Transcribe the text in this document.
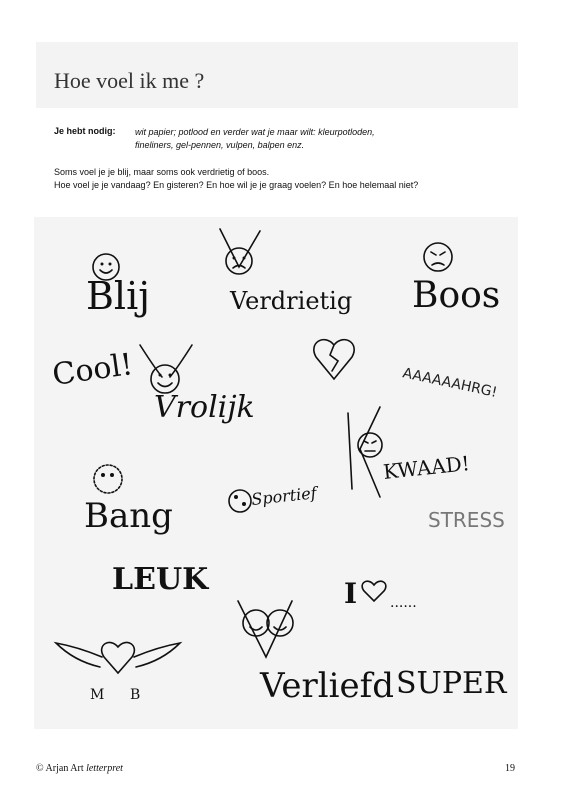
Hoe voel ik me ?
Je hebt nodig: wit papier; potlood en verder wat je maar wilt: kleurpotloden,
fineliners, gel-pennen, vulpen, balpen enz.
Soms voel je je blij, maar soms ook verdrietig of boos.
Hoe voel je je vandaag? En gisteren? En hoe wil je je graag voelen? En hoe helemaal niet?
Blij	Verdrietig Boos
Cool!
Vrolijk
AAAAAAHRG!
KWAAD!
Bang	Sportief
STRESS
LEUK	I ......
Verliefd
M B	SUPER
© Arjan Art letterpret	19
